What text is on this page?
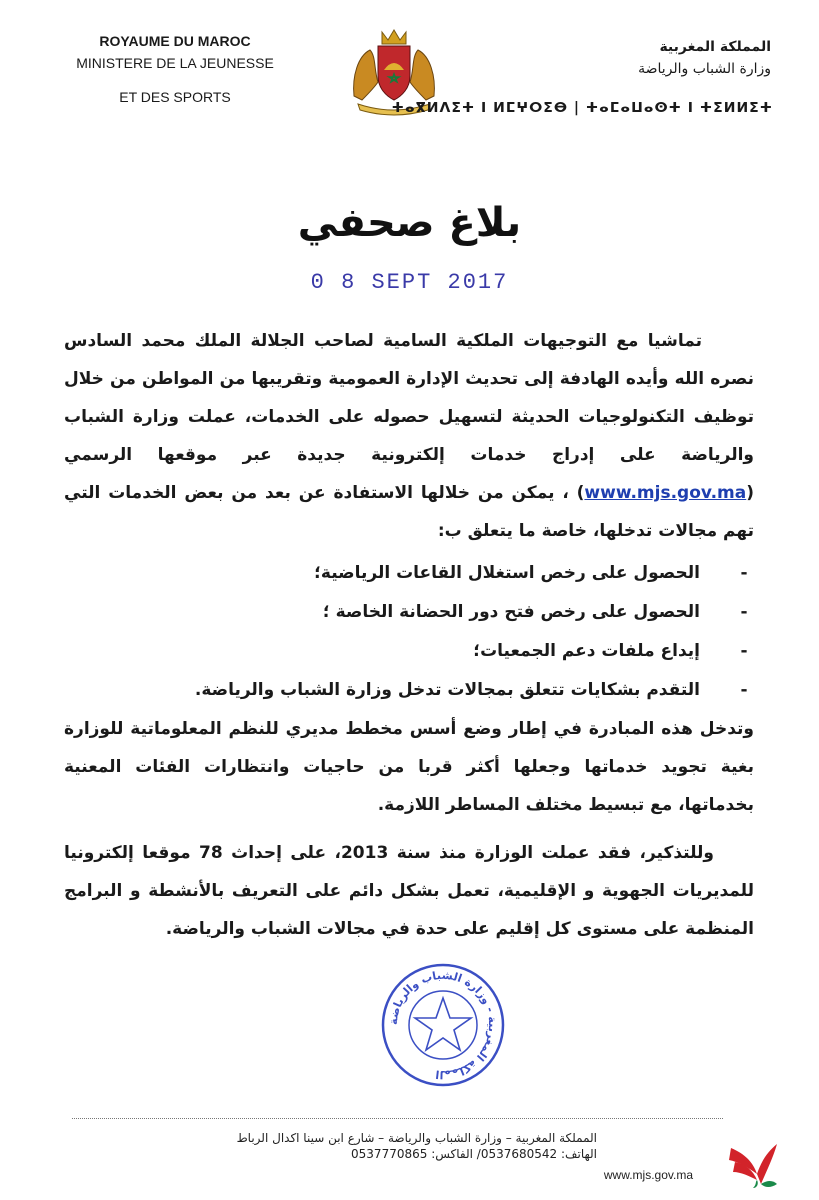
ROYAUME DU MAROC
MINISTERE DE LA JEUNESSE
ET DES SPORTS
المملكة المغربية
وزارة الشباب والرياضة
ⵜⴰⴳⵍⴷⵉⵜ ⵏ ⵍⵎⵖⵔⵉⴱ | ⵜⴰⵎⴰⵡⴰⵙⵜ ⵏ ⵜⵉⵍⵍⵉⵜ
بلاغ صحفي
0 8 SEPT 2017

تماشيا مع التوجيهات الملكية السامية لصاحب الجلالة الملك محمد السادس نصره الله وأيده الهادفة إلى تحديث الإدارة العمومية وتقريبها من المواطن من خلال توظيف التكنولوجيات الحديثة لتسهيل حصوله على الخدمات، عملت وزارة الشباب والرياضة على إدراج خدمات إلكترونية جديدة عبر موقعها الرسمي (www.mjs.gov.ma) ، يمكن من خلالها الاستفادة عن بعد من بعض الخدمات التي تهم مجالات تدخلها، خاصة ما يتعلق ب:

-
الحصول على رخص استغلال القاعات الرياضية؛
-
الحصول على رخص فتح دور الحضانة الخاصة ؛
-
إيداع ملفات دعم الجمعيات؛
-
التقدم بشكايات تتعلق بمجالات تدخل وزارة الشباب والرياضة.

وتدخل هذه المبادرة في إطار وضع أسس مخطط مديري للنظم المعلوماتية للوزارة بغية تجويد خدماتها وجعلها أكثر قربا من حاجيات وانتظارات الفئات المعنية بخدماتها، مع تبسيط مختلف المساطر اللازمة.

وللتذكير، فقد عملت الوزارة منذ سنة 2013، على إحداث 78 موقعا إلكترونيا للمديريات الجهوية و الإقليمية، تعمل بشكل دائم على التعريف بالأنشطة و البرامج المنظمة على مستوى كل إقليم على حدة في مجالات الشباب والرياضة.

المملكة المغربية - وزارة الشباب والرياضة
المملكة المغربية – وزارة الشباب والرياضة – شارع ابن سينا اكدال الرباط
الهاتف: 0537680542/ الفاكس: 0537770865
www.mjs.gov.ma
